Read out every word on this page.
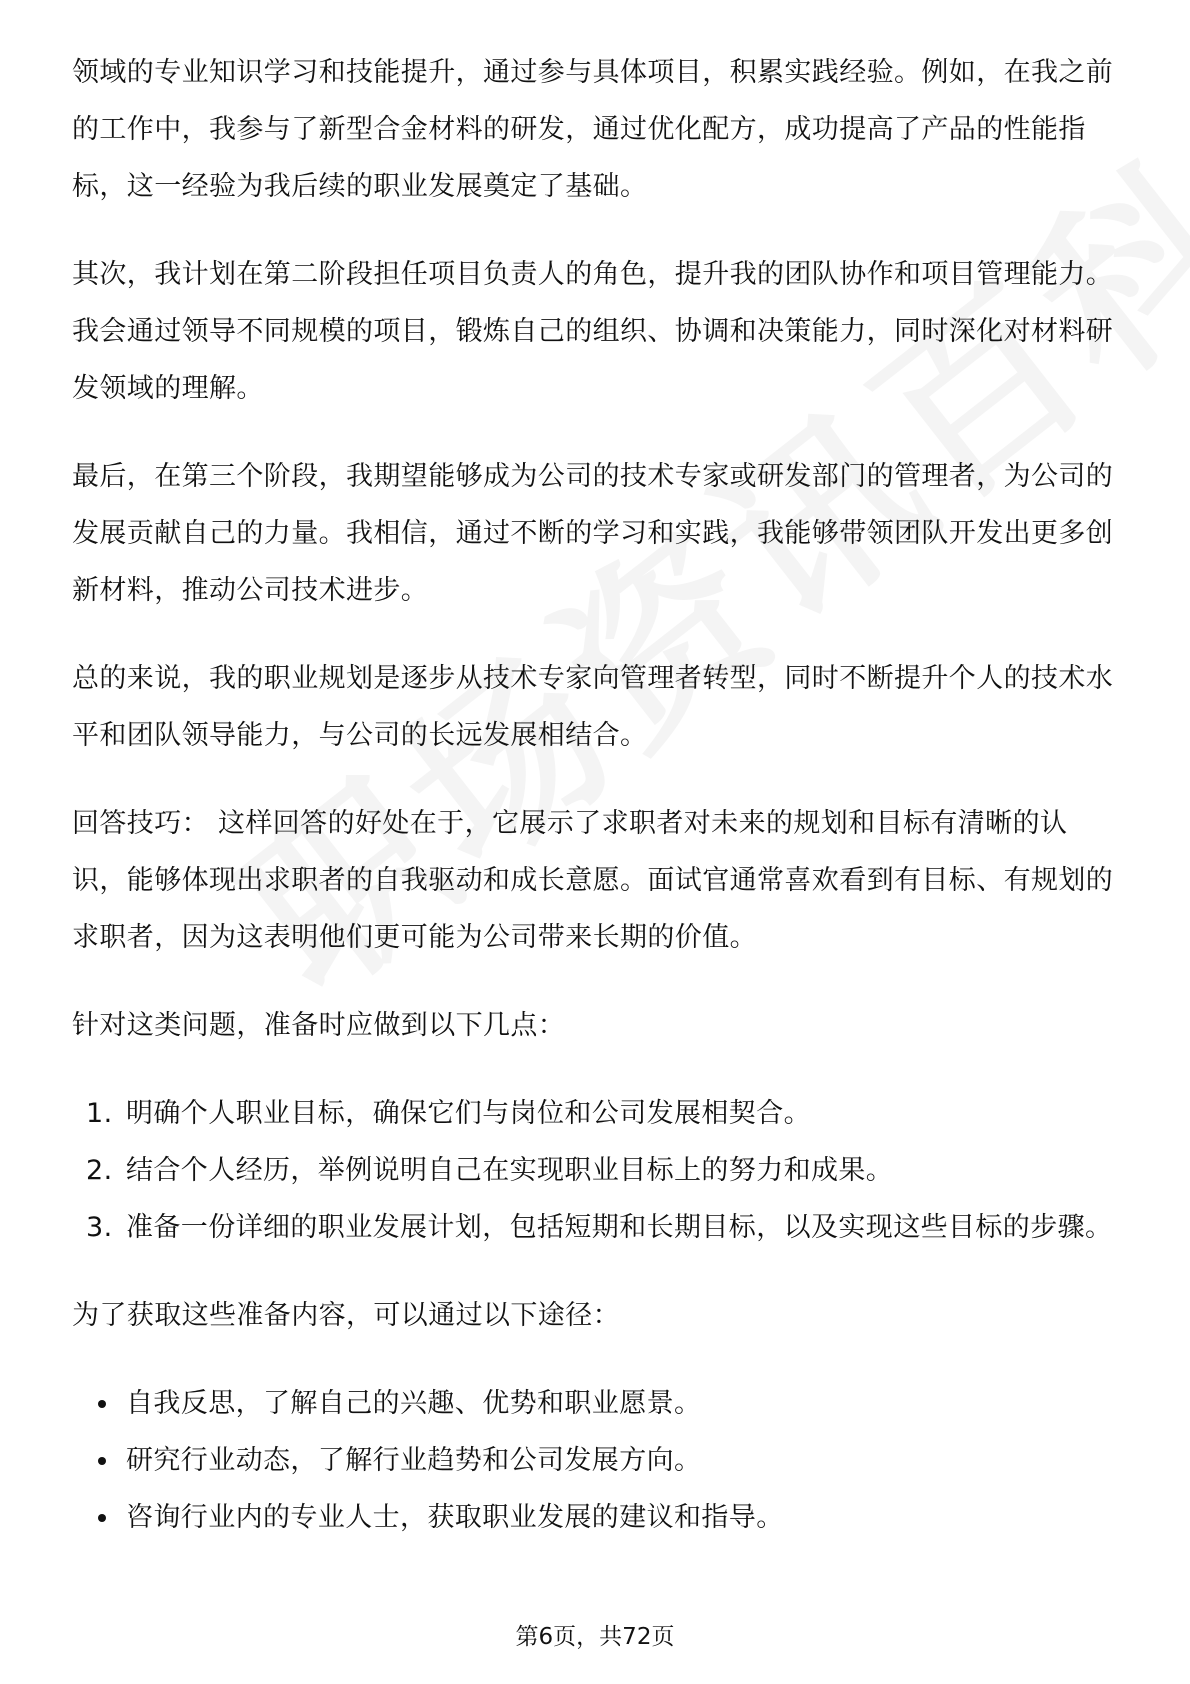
领域的专业知识学习和技能提升，通过参与具体项目，积累实践经验。例如，在我之前的工作中，我参与了新型合金材料的研发，通过优化配方，成功提高了产品的性能指标，这一经验为我后续的职业发展奠定了基础。

其次，我计划在第二阶段担任项目负责人的角色，提升我的团队协作和项目管理能力。我会通过领导不同规模的项目，锻炼自己的组织、协调和决策能力，同时深化对材料研发领域的理解。

最后，在第三个阶段，我期望能够成为公司的技术专家或研发部门的管理者，为公司的发展贡献自己的力量。我相信，通过不断的学习和实践，我能够带领团队开发出更多创新材料，推动公司技术进步。

总的来说，我的职业规划是逐步从技术专家向管理者转型，同时不断提升个人的技术水平和团队领导能力，与公司的长远发展相结合。

回答技巧： 这样回答的好处在于，它展示了求职者对未来的规划和目标有清晰的认识，能够体现出求职者的自我驱动和成长意愿。面试官通常喜欢看到有目标、有规划的求职者，因为这表明他们更可能为公司带来长期的价值。

针对这类问题，准备时应做到以下几点：

1. 明确个人职业目标，确保它们与岗位和公司发展相契合。
2. 结合个人经历，举例说明自己在实现职业目标上的努力和成果。
3. 准备一份详细的职业发展计划，包括短期和长期目标，以及实现这些目标的步骤。

为了获取这些准备内容，可以通过以下途径：

自我反思，了解自己的兴趣、优势和职业愿景。
研究行业动态，了解行业趋势和公司发展方向。
咨询行业内的专业人士，获取职业发展的建议和指导。
第6页，共72页
